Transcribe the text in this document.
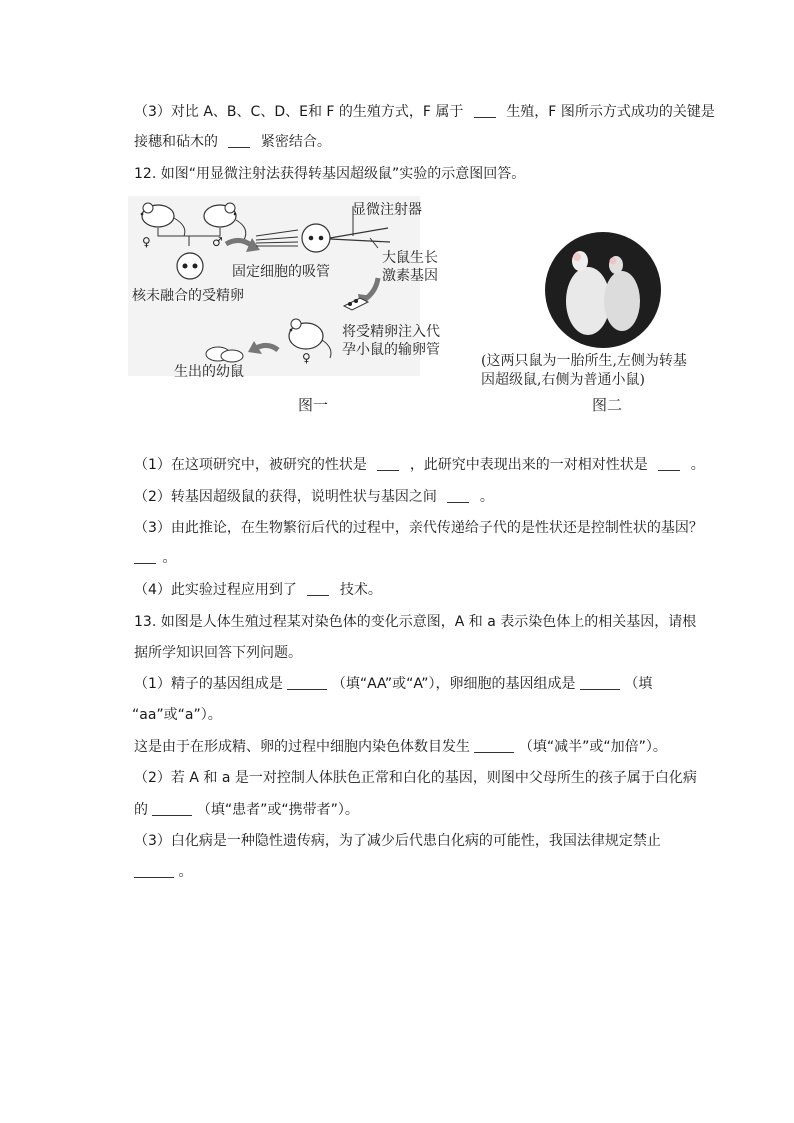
（3）对比 A、B、C、D、E和 F 的生殖方式，F 属于	生殖，F 图所示方式成功的关键是
接穗和砧木的	紧密结合。
12. 如图“用显微注射法获得转基因超级鼠”实验的示意图回答。
♀	♂
显微注射器
固定细胞的吸管
大鼠生长
激素基因
核未融合的受精卵
将受精卵注入代
孕小鼠的输卵管
♀
生出的幼鼠
图一
(这两只鼠为一胎所生,左侧为转基
因超级鼠,右侧为普通小鼠)
图二
（1）在这项研究中，被研究的性状是	，此研究中表现出来的一对相对性状是	。
（2）转基因超级鼠的获得，说明性状与基因之间	。
（3）由此推论，在生物繁衍后代的过程中，亲代传递给子代的是性状还是控制性状的基因？
。
（4）此实验过程应用到了	技术。
13. 如图是人体生殖过程某对染色体的变化示意图，A 和 a 表示染色体上的相关基因，请根
据所学知识回答下列问题。
（1）精子的基因组成是	（填“AA”或“A”），卵细胞的基因组成是	（填
“aa”或“a”）。
这是由于在形成精、卵的过程中细胞内染色体数目发生	（填“减半”或“加倍”）。
（2）若 A 和 a 是一对控制人体肤色正常和白化的基因，则图中父母所生的孩子属于白化病
的	（填“患者”或“携带者”）。
（3）白化病是一种隐性遗传病，为了减少后代患白化病的可能性，我国法律规定禁止
。
